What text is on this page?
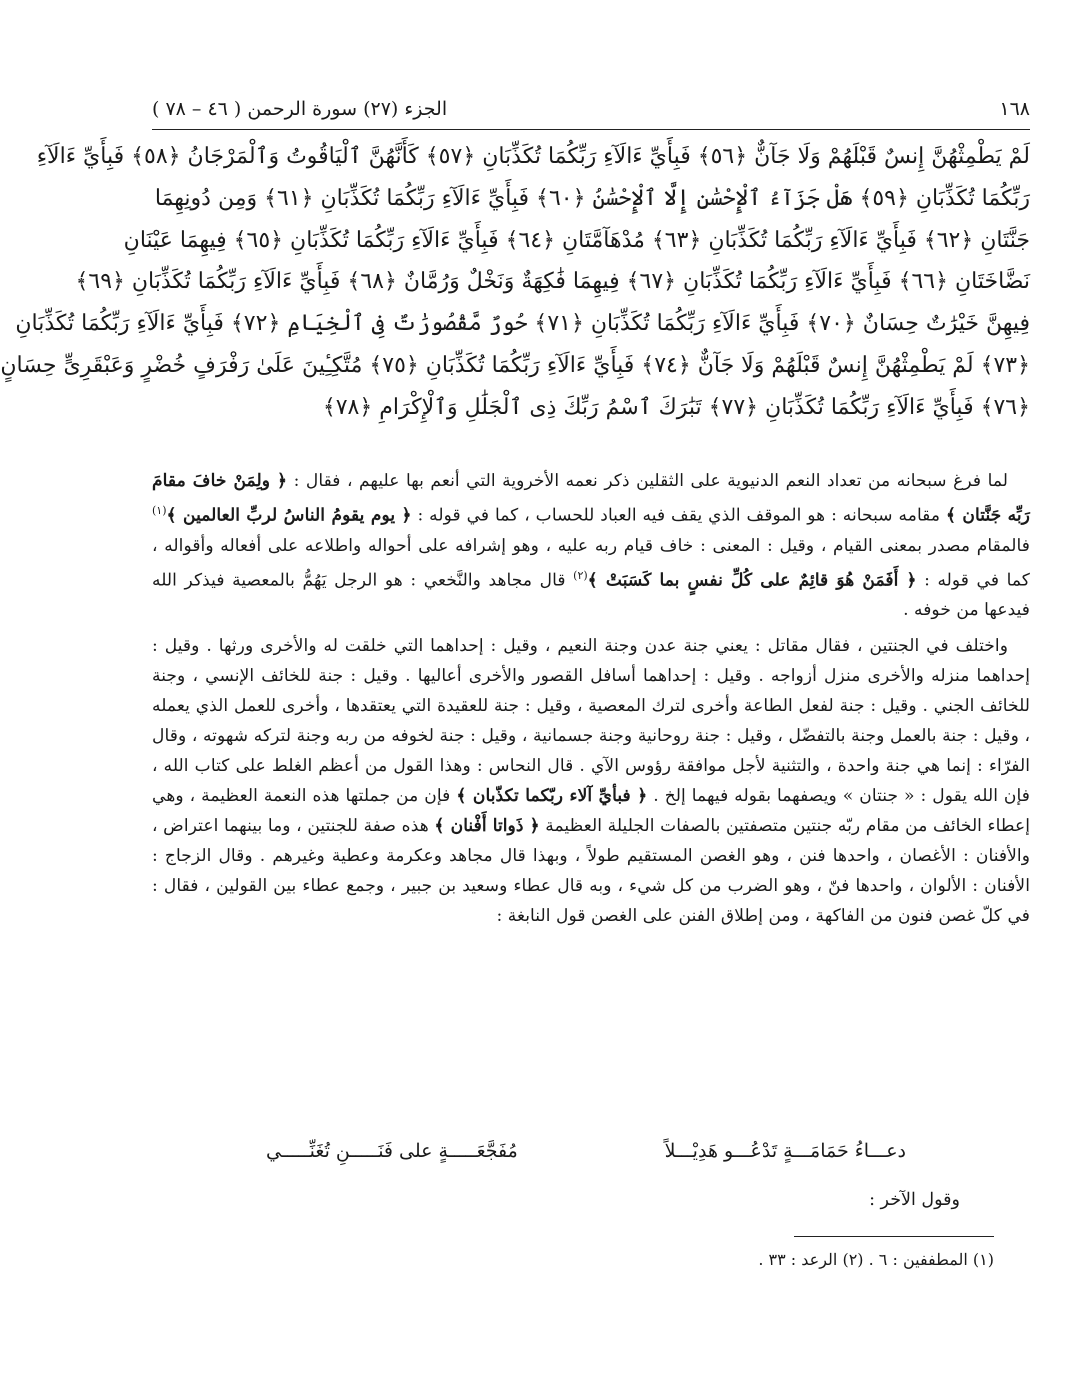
١٦٨
الجزء (٢٧) سورة الرحمن ( ٤٦ – ٧٨ )
لَمْ يَطْمِثْهُنَّ إِنسٌ قَبْلَهُمْ وَلَا جَآنٌّ ﴿٥٦﴾ فَبِأَيِّ ءَالَآءِ رَبِّكُمَا تُكَذِّبَانِ ﴿٥٧﴾ كَأَنَّهُنَّ ٱلْيَاقُوتُ وَٱلْمَرْجَانُ ﴿٥٨﴾ فَبِأَيِّ ءَالَآءِ
رَبِّكُمَا تُكَذِّبَانِ ﴿٥٩﴾ هَلْ جَزَآءُ ٱلْإِحْسَٰنِ إِلَّا ٱلْإِحْسَٰنُ ﴿٦٠﴾ فَبِأَيِّ ءَالَآءِ رَبِّكُمَا تُكَذِّبَانِ ﴿٦١﴾ وَمِن دُونِهِمَا
جَنَّتَانِ ﴿٦٢﴾ فَبِأَيِّ ءَالَآءِ رَبِّكُمَا تُكَذِّبَانِ ﴿٦٣﴾ مُدْهَآمَّتَانِ ﴿٦٤﴾ فَبِأَيِّ ءَالَآءِ رَبِّكُمَا تُكَذِّبَانِ ﴿٦٥﴾ فِيهِمَا عَيْنَانِ
نَضَّاخَتَانِ ﴿٦٦﴾ فَبِأَيِّ ءَالَآءِ رَبِّكُمَا تُكَذِّبَانِ ﴿٦٧﴾ فِيهِمَا فَٰكِهَةٌ وَنَخْلٌ وَرُمَّانٌ ﴿٦٨﴾ فَبِأَيِّ ءَالَآءِ رَبِّكُمَا تُكَذِّبَانِ ﴿٦٩﴾
فِيهِنَّ خَيْرَٰتٌ حِسَانٌ ﴿٧٠﴾ فَبِأَيِّ ءَالَآءِ رَبِّكُمَا تُكَذِّبَانِ ﴿٧١﴾ حُورٌ مَّقْصُورَٰتٌ فِى ٱلْخِيَامِ ﴿٧٢﴾ فَبِأَيِّ ءَالَآءِ رَبِّكُمَا تُكَذِّبَانِ
﴿٧٣﴾ لَمْ يَطْمِثْهُنَّ إِنسٌ قَبْلَهُمْ وَلَا جَآنٌّ ﴿٧٤﴾ فَبِأَيِّ ءَالَآءِ رَبِّكُمَا تُكَذِّبَانِ ﴿٧٥﴾ مُتَّكِـِٔينَ عَلَىٰ رَفْرَفٍ خُضْرٍ وَعَبْقَرِىٍّ حِسَانٍ
﴿٧٦﴾ فَبِأَيِّ ءَالَآءِ رَبِّكُمَا تُكَذِّبَانِ ﴿٧٧﴾ تَبَٰرَكَ ٱسْمُ رَبِّكَ ذِى ٱلْجَلَٰلِ وَٱلْإِكْرَامِ ﴿٧٨﴾

لما فرغ سبحانه من تعداد النعم الدنيوية على الثقلين ذكر نعمه الأخروية التي أنعم بها عليهم ، فقال : ﴿ ولِمَنْ خافَ مقامَ رَبِّه جَنَّتان ﴾ مقامه سبحانه : هو الموقف الذي يقف فيه العباد للحساب ، كما في قوله : ﴿ يوم يقومُ الناسُ لربِّ العالمين ﴾$^{(١)}$ فالمقام مصدر بمعنى القيام ، وقيل : المعنى : خاف قيام ربه عليه ، وهو إشرافه على أحواله واطلاعه على أفعاله وأقواله ، كما في قوله : ﴿ أَفَمَنْ هُوَ قائِمٌ على كُلِّ نفسٍ بما كَسَبَتْ ﴾$^{(٢)}$ قال مجاهد والنَّخعي : هو الرجل يَهُمُّ بالمعصية فيذكر الله فيدعها من خوفه .

واختلف في الجنتين ، فقال مقاتل : يعني جنة عدن وجنة النعيم ، وقيل : إحداهما التي خلقت له والأخرى ورثها . وقيل : إحداهما منزله والأخرى منزل أزواجه . وقيل : إحداهما أسافل القصور والأخرى أعاليها . وقيل : جنة للخائف الإنسي ، وجنة للخائف الجني . وقيل : جنة لفعل الطاعة وأخرى لترك المعصية ، وقيل : جنة للعقيدة التي يعتقدها ، وأخرى للعمل الذي يعمله ، وقيل : جنة بالعمل وجنة بالتفضّل ، وقيل : جنة روحانية وجنة جسمانية ، وقيل : جنة لخوفه من ربه وجنة لتركه شهوته ، وقال الفرّاء : إنما هي جنة واحدة ، والتثنية لأجل موافقة رؤوس الآي . قال النحاس : وهذا القول من أعظم الغلط على كتاب الله ، فإن الله يقول : « جنتان » ويصفهما بقوله فيهما إلخ . ﴿ فبأيِّ آلاء ربّكما تكذّبان ﴾ فإن من جملتها هذه النعمة العظيمة ، وهي إعطاء الخائف من مقام ربّه جنتين متصفتين بالصفات الجليلة العظيمة ﴿ ذَواتا أَفْنان ﴾ هذه صفة للجنتين ، وما بينهما اعتراض ، والأفنان : الأغصان ، واحدها فنن ، وهو الغصن المستقيم طولاً ، وبهذا قال مجاهد وعكرمة وعطية وغيرهم . وقال الزجاج : الأفنان : الألوان ، واحدها فنّ ، وهو الضرب من كل شيء ، وبه قال عطاء وسعيد بن جبير ، وجمع عطاء بين القولين ، فقال : في كلّ غصن فنون من الفاكهة ، ومن إطلاق الفنن على الغصن قول النابغة :

دعـــاءُ حَمَامَـــةٍ تَدْعُـــو هَدِيْـــلاً
مُفَجَّعَـــــةٍ على فَنَـــــنِ تُغَنِّـــــي
وقول الآخر :
(١) المطففين : ٦ . (٢) الرعد : ٣٣ .
